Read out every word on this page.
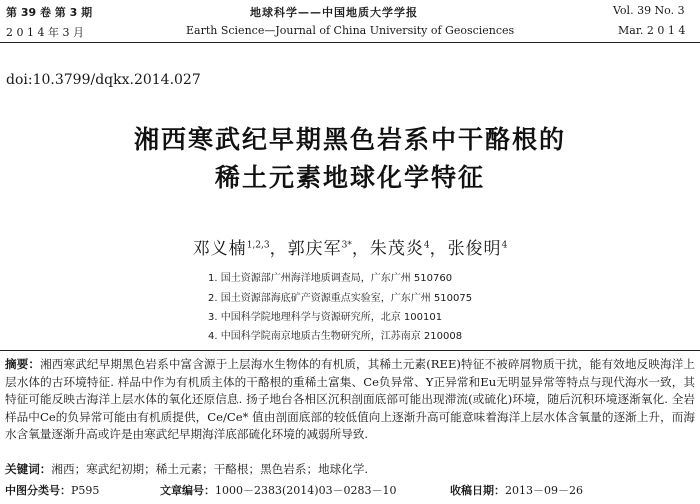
第 39 卷 第 3 期
2 0 1 4 年 3 月
地球科学——中国地质大学学报
Earth Science—Journal of China University of Geosciences
Vol. 39 No. 3
Mar. 2 0 1 4
doi:10.3799/dqkx.2014.027
湘西寒武纪早期黑色岩系中干酪根的
稀土元素地球化学特征
邓义楠$^{1,2,3}$，郭庆军$^{3*}$，朱茂炎$^4$，张俊明$^4$
1. 国土资源部广州海洋地质调查局，广东广州 510760
2. 国土资源部海底矿产资源重点实验室，广东广州 510075
3. 中国科学院地理科学与资源研究所，北京 100101
4. 中国科学院南京地质古生物研究所，江苏南京 210008
摘要：湘西寒武纪早期黑色岩系中富含源于上层海水生物体的有机质，其稀土元素(REE)特征不被碎屑物质干扰，能有效地反映海洋上层水体的古环境特征. 样品中作为有机质主体的干酪根的重稀土富集、Ce负异常、Y正异常和Eu无明显异常等特点与现代海水一致，其特征可能反映古海洋上层水体的氧化还原信息. 扬子地台各相区沉积剖面底部可能出现滞流(或硫化)环境，随后沉积环境逐渐氧化. 全岩样品中Ce的负异常可能由有机质提供，Ce/Ce* 值由剖面底部的较低值向上逐渐升高可能意味着海洋上层水体含氧量的逐渐上升，而海水含氧量逐渐升高或许是由寒武纪早期海洋底部硫化环境的减弱所导致.
关键词：湘西；寒武纪初期；稀土元素；干酪根；黑色岩系；地球化学.
中图分类号：P595	文章编号：1000－2383(2014)03－0283－10	收稿日期：2013－09－26
